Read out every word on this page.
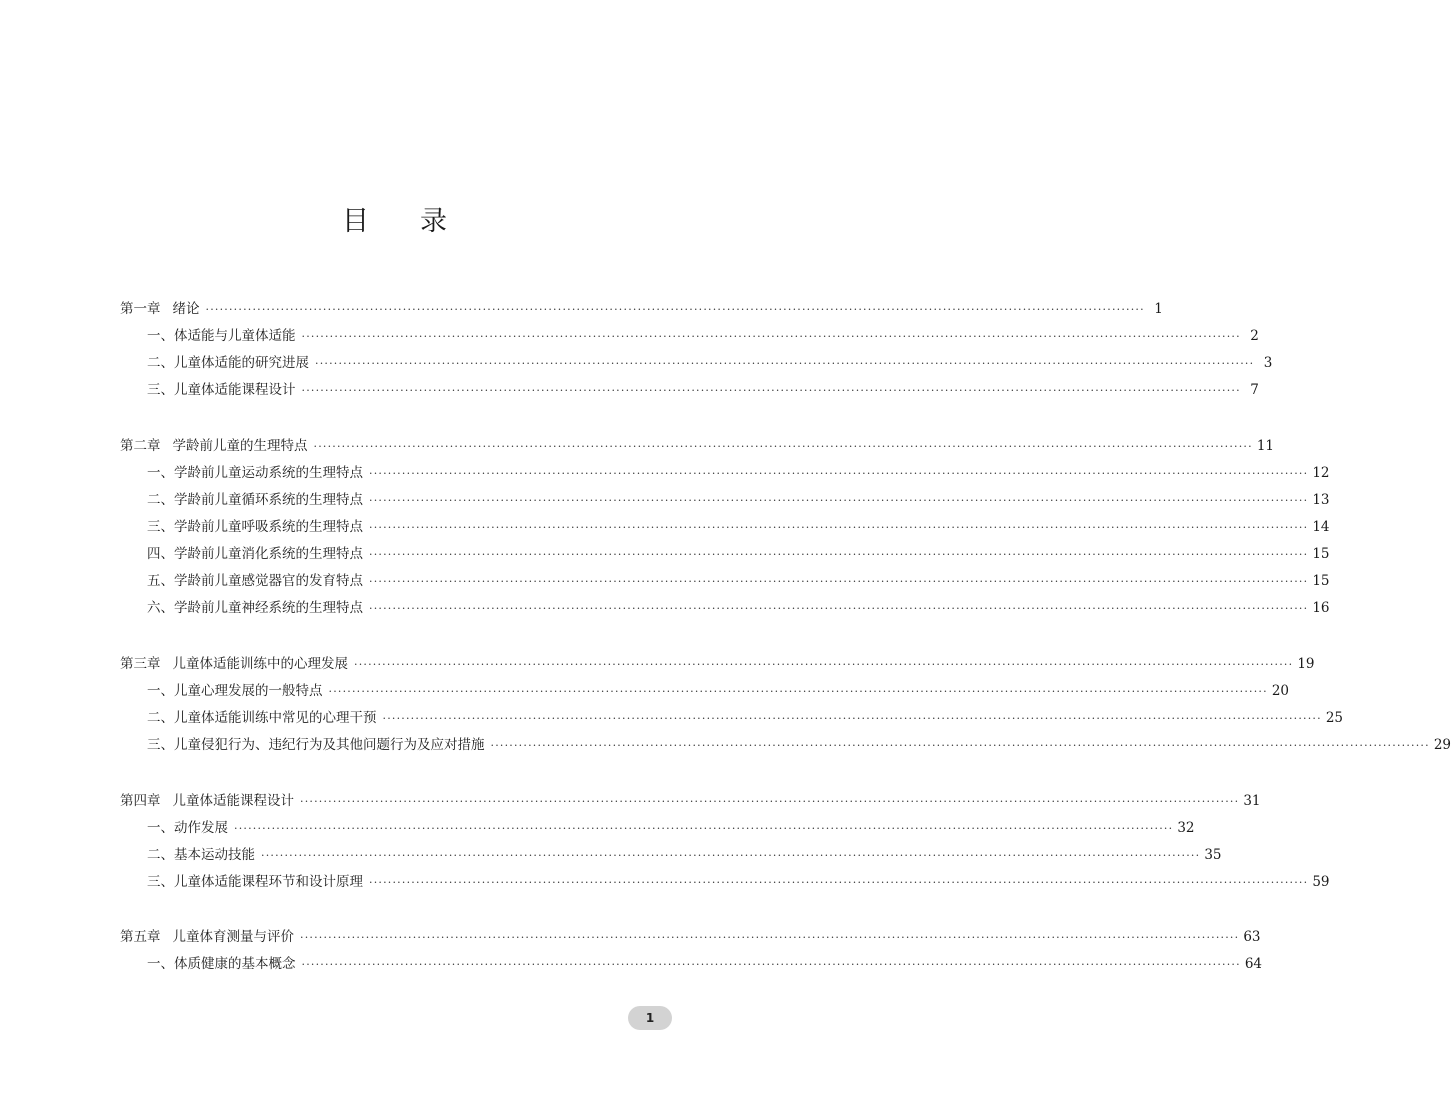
目 录
第一章 绪论 ········································································································································································································ 1
一、体适能与儿童体适能 ········································································································································································································ 2
二、儿童体适能的研究进展 ········································································································································································································ 3
三、儿童体适能课程设计 ········································································································································································································ 7
第二章 学龄前儿童的生理特点 ········································································································································································································ 11
一、学龄前儿童运动系统的生理特点 ········································································································································································································ 12
二、学龄前儿童循环系统的生理特点 ········································································································································································································ 13
三、学龄前儿童呼吸系统的生理特点 ········································································································································································································ 14
四、学龄前儿童消化系统的生理特点 ········································································································································································································ 15
五、学龄前儿童感觉器官的发育特点 ········································································································································································································ 15
六、学龄前儿童神经系统的生理特点 ········································································································································································································ 16
第三章 儿童体适能训练中的心理发展 ········································································································································································································ 19
一、儿童心理发展的一般特点 ········································································································································································································ 20
二、儿童体适能训练中常见的心理干预 ········································································································································································································ 25
三、儿童侵犯行为、违纪行为及其他问题行为及应对措施 ········································································································································································································ 29
第四章 儿童体适能课程设计 ········································································································································································································ 31
一、动作发展 ········································································································································································································ 32
二、基本运动技能 ········································································································································································································ 35
三、儿童体适能课程环节和设计原理 ········································································································································································································ 59
第五章 儿童体育测量与评价 ········································································································································································································ 63
一、体质健康的基本概念 ········································································································································································································ 64
1
